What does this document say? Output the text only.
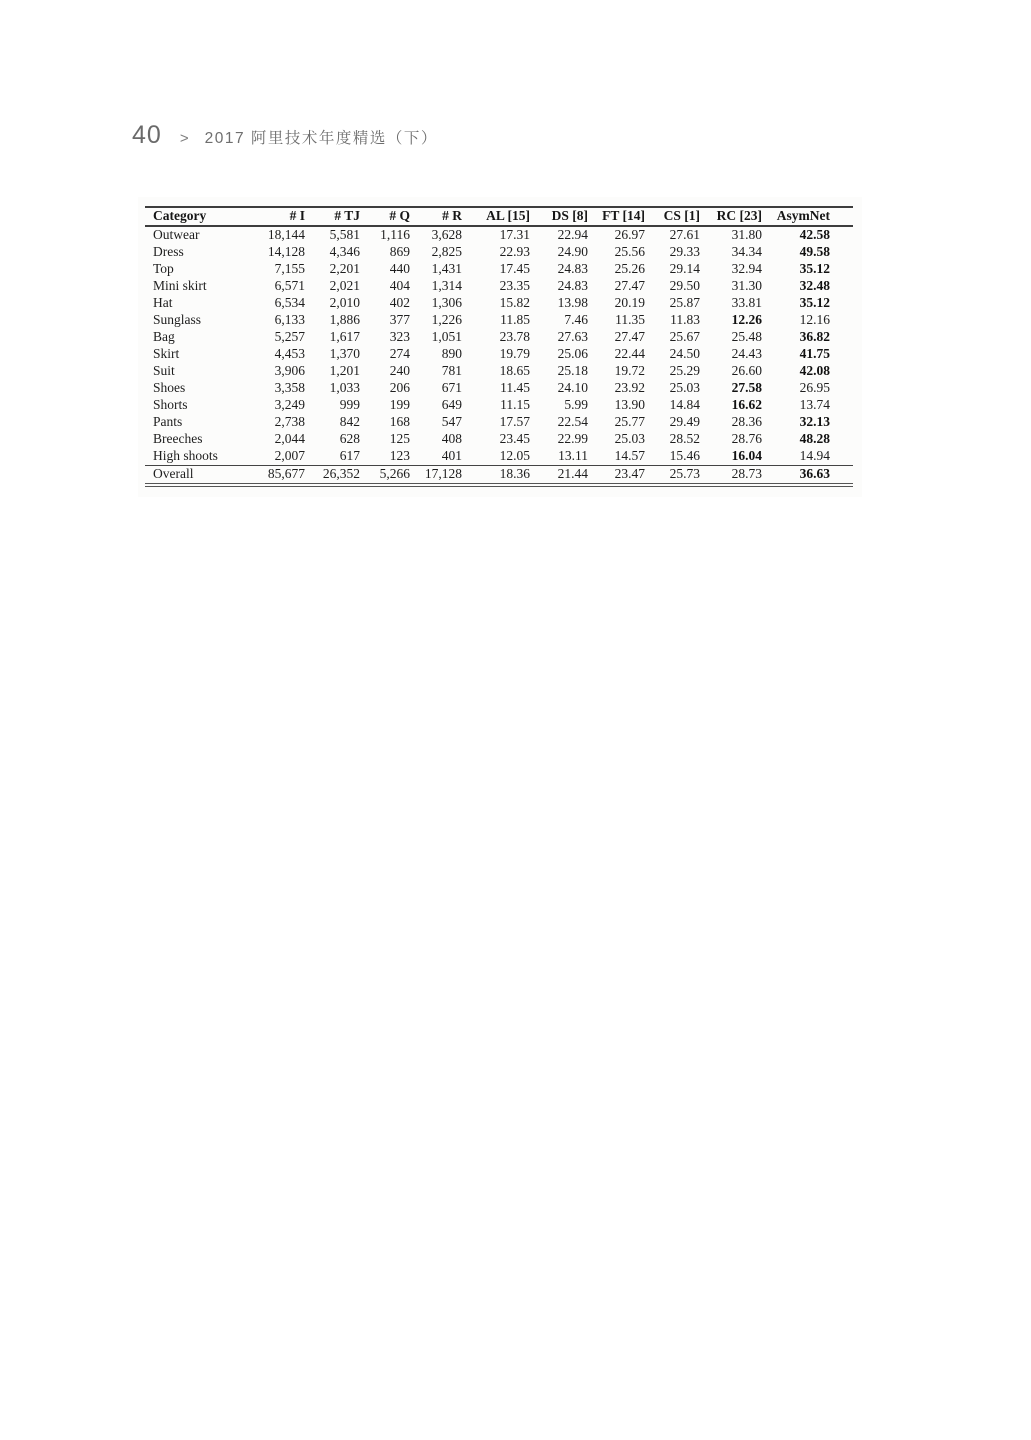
40 > 2017 阿里技术年度精选（下）
Category	# I	# TJ	# Q	# R	AL [15]	DS [8]	FT [14]	CS [1]	RC [23]	AsymNet
Outwear	18,144	5,581	1,116	3,628	17.31	22.94	26.97	27.61	31.80	42.58
Dress	14,128	4,346	869	2,825	22.93	24.90	25.56	29.33	34.34	49.58
Top	7,155	2,201	440	1,431	17.45	24.83	25.26	29.14	32.94	35.12
Mini skirt	6,571	2,021	404	1,314	23.35	24.83	27.47	29.50	31.30	32.48
Hat	6,534	2,010	402	1,306	15.82	13.98	20.19	25.87	33.81	35.12
Sunglass	6,133	1,886	377	1,226	11.85	7.46	11.35	11.83	12.26	12.16
Bag	5,257	1,617	323	1,051	23.78	27.63	27.47	25.67	25.48	36.82
Skirt	4,453	1,370	274	890	19.79	25.06	22.44	24.50	24.43	41.75
Suit	3,906	1,201	240	781	18.65	25.18	19.72	25.29	26.60	42.08
Shoes	3,358	1,033	206	671	11.45	24.10	23.92	25.03	27.58	26.95
Shorts	3,249	999	199	649	11.15	5.99	13.90	14.84	16.62	13.74
Pants	2,738	842	168	547	17.57	22.54	25.77	29.49	28.36	32.13
Breeches	2,044	628	125	408	23.45	22.99	25.03	28.52	28.76	48.28
High shoots	2,007	617	123	401	12.05	13.11	14.57	15.46	16.04	14.94
Overall	85,677	26,352	5,266	17,128	18.36	21.44	23.47	25.73	28.73	36.63
